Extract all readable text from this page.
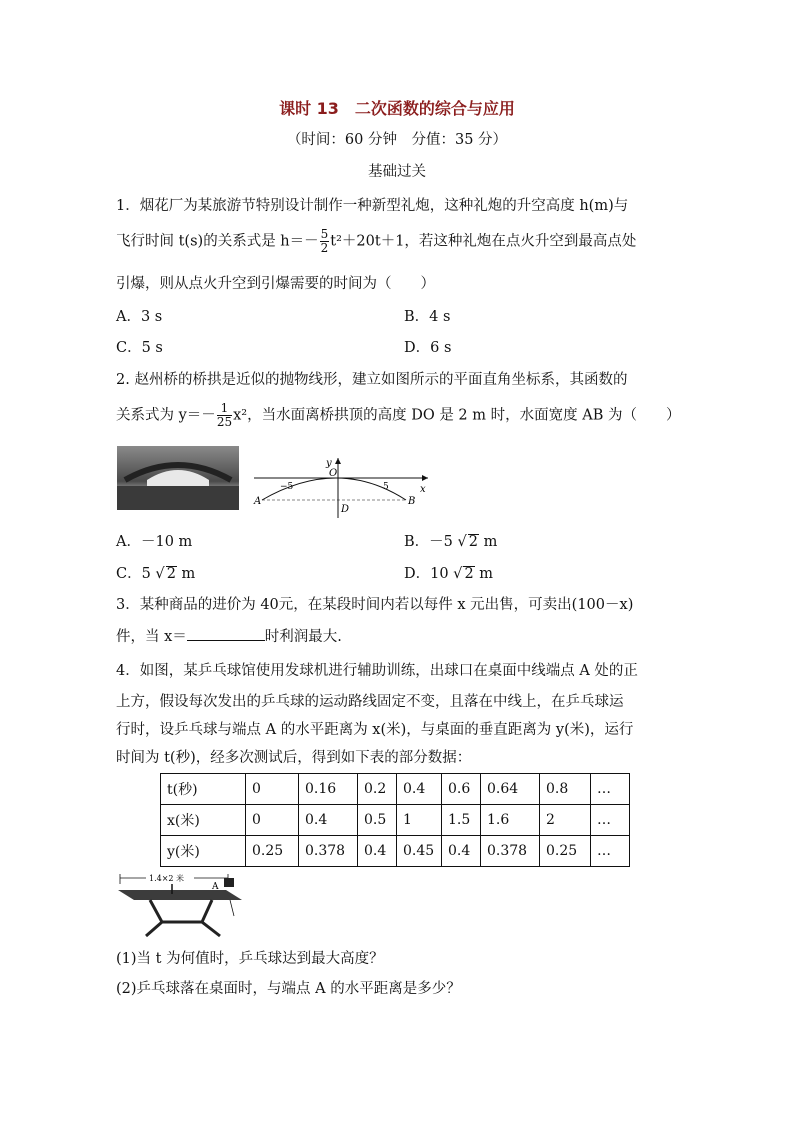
课时 13　二次函数的综合与应用
（时间：60 分钟　分值：35 分）
基础过关
1．烟花厂为某旅游节特别设计制作一种新型礼炮，这种礼炮的升空高度 h(m)与
飞行时间 t(s)的关系式是 $h=- \frac{5}{2} t^2+20t+1$，若这种礼炮在点火升空到最高点处
引爆，则从点火升空到引爆需要的时间为（　　）
A．3 s	B．4 s
C．5 s	D．6 s
2. 赵州桥的桥拱是近似的抛物线形，建立如图所示的平面直角坐标系，其函数的
关系式为 $y=- \frac{1}{25} x^2$，当水面离桥拱顶的高度 DO 是 2 m 时，水面宽度 AB 为（　　）
A	B
O
D
x
y
−5	5
A．－10 m	B．－5 √ 2 m
C．5 √ 2 m	D．10 √ 2 m
3．某种商品的进价为 40元，在某段时间内若以每件 x 元出售，可卖出(100－x)
件，当 x＝	时利润最大.
4．如图，某乒乓球馆使用发球机进行辅助训练，出球口在桌面中线端点 A 处的正
上方，假设每次发出的乒乓球的运动路线固定不变，且落在中线上，在乒乓球运
行时，设乒乓球与端点 A 的水平距离为 x(米)，与桌面的垂直距离为 y(米)，运行
时间为 t(秒)，经多次测试后，得到如下表的部分数据：
t(秒)	0	0.16	0.2	0.4	0.6	0.64	0.8	…
x(米)	0	0.4	0.5	1	1.5	1.6	2	…
y(米)	0.25	0.378	0.4	0.45	0.4	0.378	0.25	…
1.4×2 米
A
(1)当 t 为何值时，乒乓球达到最大高度？
(2)乒乓球落在桌面时，与端点 A 的水平距离是多少？
